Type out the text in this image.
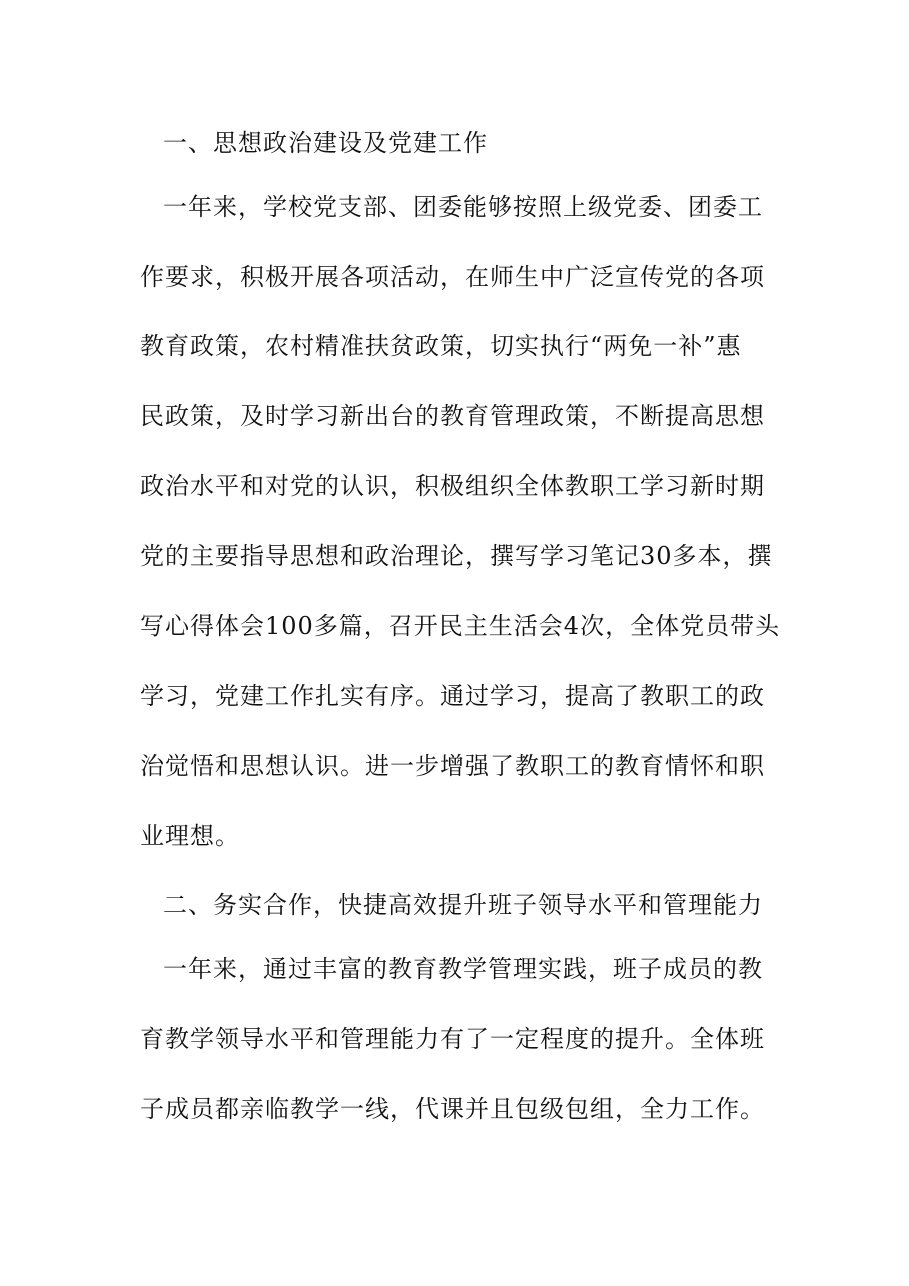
一、思想政治建设及党建工作
一年来，学校党支部、团委能够按照上级党委、团委工
作要求，积极开展各项活动，在师生中广泛宣传党的各项
教育政策，农村精准扶贫政策，切实执行“两免一补”惠
民政策，及时学习新出台的教育管理政策，不断提高思想
政治水平和对党的认识，积极组织全体教职工学习新时期
党的主要指导思想和政治理论，撰写学习笔记30多本，撰
写心得体会100多篇，召开民主生活会4次，全体党员带头
学习，党建工作扎实有序。通过学习，提高了教职工的政
治觉悟和思想认识。进一步增强了教职工的教育情怀和职
业理想。
二、务实合作，快捷高效提升班子领导水平和管理能力
一年来，通过丰富的教育教学管理实践，班子成员的教
育教学领导水平和管理能力有了一定程度的提升。全体班
子成员都亲临教学一线，代课并且包级包组，全力工作。
